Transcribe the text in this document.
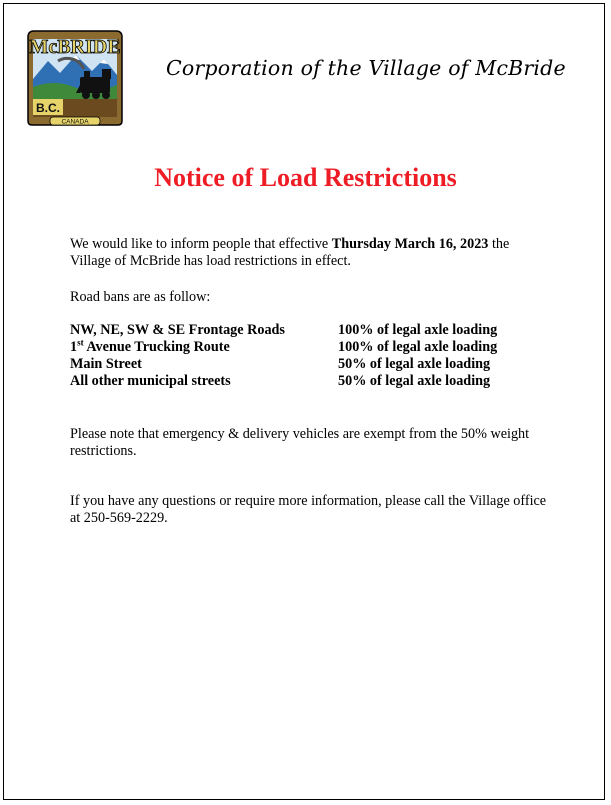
B.C.
CANADA
McBRIDE
Corporation of the Village of McBride
Notice of Load Restrictions
We would like to inform people that effective Thursday March 16, 2023 the Village of McBride has load restrictions in effect.
Road bans are as follow:
NW, NE, SW & SE Frontage Roads	100% of legal axle loading
1st Avenue Trucking Route	100% of legal axle loading
Main Street	50% of legal axle loading
All other municipal streets	50% of legal axle loading
Please note that emergency & delivery vehicles are exempt from the 50% weight restrictions.
If you have any questions or require more information, please call the Village office at 250-569-2229.
